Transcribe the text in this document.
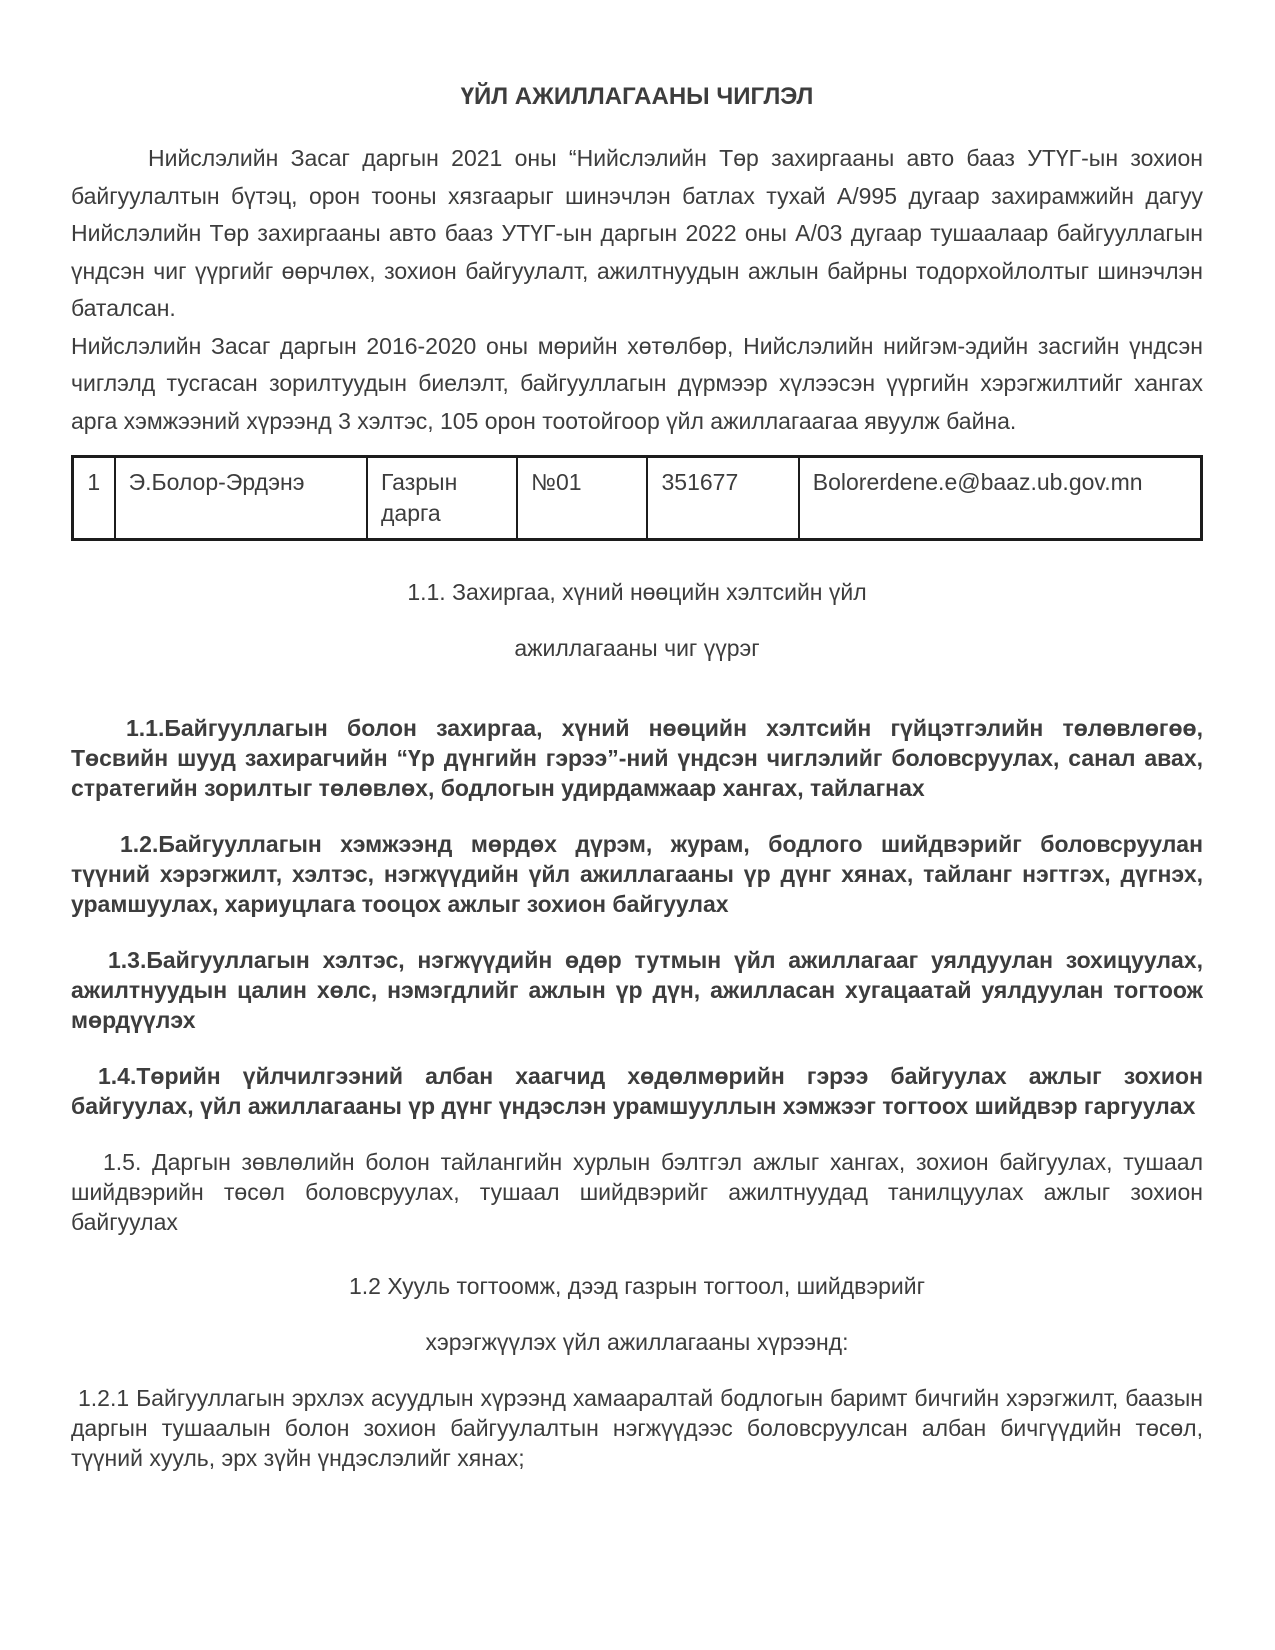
ҮЙЛ АЖИЛЛАГААНЫ ЧИГЛЭЛ
Нийслэлийн Засаг даргын 2021 оны “Нийслэлийн Төр захиргааны авто бааз УТҮГ-ын зохион байгуулалтын бүтэц, орон тооны хязгаарыг шинэчлэн батлах тухай А/995 дугаар захирамжийн дагуу Нийслэлийн Төр захиргааны авто бааз УТҮГ-ын даргын 2022 оны А/03 дугаар тушаалаар байгууллагын үндсэн чиг үүргийг өөрчлөх, зохион байгуулалт, ажилтнуудын ажлын байрны тодорхойлолтыг шинэчлэн баталсан.
Нийслэлийн Засаг даргын 2016-2020 оны мөрийн хөтөлбөр, Нийслэлийн нийгэм-эдийн засгийн үндсэн чиглэлд тусгасан зорилтуудын биелэлт, байгууллагын дүрмээр хүлээсэн үүргийн хэрэгжилтийг хангах арга хэмжээний хүрээнд 3 хэлтэс, 105 орон тоотойгоор үйл ажиллагаагаа явуулж байна.
1	Э.Болор-Эрдэнэ	Газрын дарга	№01	351677	Bolorerdene.e@baaz.ub.gov.mn
1.1. Захиргаа, хүний нөөцийн хэлтсийн үйл
ажиллагааны чиг үүрэг
1.1.Байгууллагын болон захиргаа, хүний нөөцийн хэлтсийн гүйцэтгэлийн төлөвлөгөө, Төсвийн шууд захирагчийн “Үр дүнгийн гэрээ”-ний үндсэн чиглэлийг боловсруулах, санал авах, стратегийн зорилтыг төлөвлөх, бодлогын удирдамжаар хангах, тайлагнах
1.2.Байгууллагын хэмжээнд мөрдөх дүрэм, журам, бодлого шийдвэрийг боловсруулан түүний хэрэгжилт, хэлтэс, нэгжүүдийн үйл ажиллагааны үр дүнг хянах, тайланг нэгтгэх, дүгнэх, урамшуулах, хариуцлага тооцох ажлыг зохион байгуулах
1.3.Байгууллагын хэлтэс, нэгжүүдийн өдөр тутмын үйл ажиллагааг уялдуулан зохицуулах, ажилтнуудын цалин хөлс, нэмэгдлийг ажлын үр дүн, ажилласан хугацаатай уялдуулан тогтоож мөрдүүлэх
1.4.Төрийн үйлчилгээний албан хаагчид хөдөлмөрийн гэрээ байгуулах ажлыг зохион байгуулах, үйл ажиллагааны үр дүнг үндэслэн урамшууллын хэмжээг тогтоох шийдвэр гаргуулах
1.5. Даргын зөвлөлийн болон тайлангийн хурлын бэлтгэл ажлыг хангах, зохион байгуулах, тушаал шийдвэрийн төсөл боловсруулах, тушаал шийдвэрийг ажилтнуудад танилцуулах ажлыг зохион байгуулах
1.2 Хууль тогтоомж, дээд газрын тогтоол, шийдвэрийг
хэрэгжүүлэх үйл ажиллагааны хүрээнд:
1.2.1 Байгууллагын эрхлэх асуудлын хүрээнд хамааралтай бодлогын баримт бичгийн хэрэгжилт, баазын даргын тушаалын болон зохион байгуулалтын нэгжүүдээс боловсруулсан албан бичгүүдийн төсөл, түүний хууль, эрх зүйн үндэслэлийг хянах;
